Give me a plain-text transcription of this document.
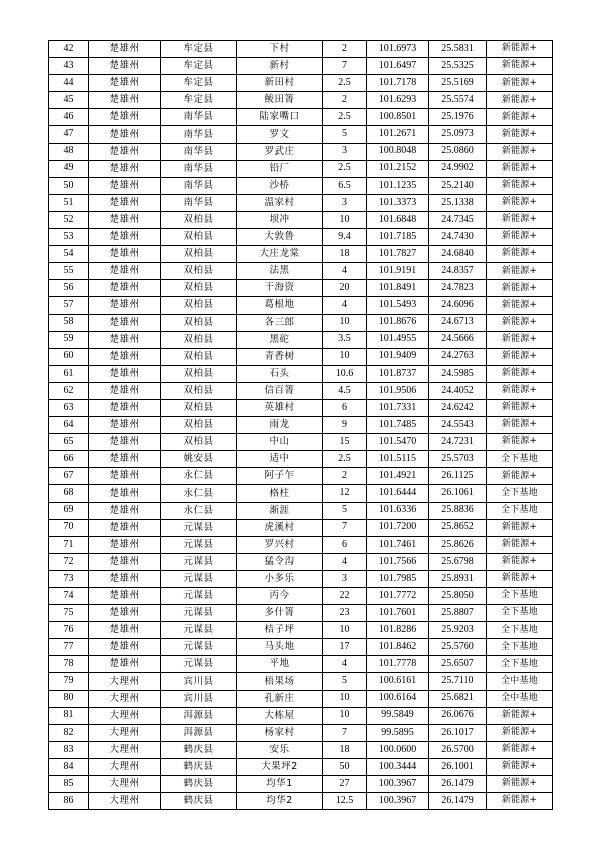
42	楚雄州	牟定县	下村	2	101.6973	25.5831	新能源+
43	楚雄州	牟定县	新村	7	101.6497	25.5325	新能源+
44	楚雄州	牟定县	新田村	2.5	101.7178	25.5169	新能源+
45	楚雄州	牟定县	鲅田箐	2	101.6293	25.5574	新能源+
46	楚雄州	南华县	陆家嘴口	2.5	100.8501	25.1976	新能源+
47	楚雄州	南华县	罗文	5	101.2671	25.0973	新能源+
48	楚雄州	南华县	罗武庄	3	100.8048	25.0860	新能源+
49	楚雄州	南华县	铅厂	2.5	101.2152	24.9902	新能源+
50	楚雄州	南华县	沙桥	6.5	101.1235	25.2140	新能源+
51	楚雄州	南华县	温家村	3	101.3373	25.1338	新能源+
52	楚雄州	双柏县	坝冲	10	101.6848	24.7345	新能源+
53	楚雄州	双柏县	大敦鲁	9.4	101.7185	24.7430	新能源+
54	楚雄州	双柏县	大庄龙棠	18	101.7827	24.6840	新能源+
55	楚雄州	双柏县	法黑	4	101.9191	24.8357	新能源+
56	楚雄州	双柏县	干海资	20	101.8491	24.7823	新能源+
57	楚雄州	双柏县	葛根地	4	101.5493	24.6096	新能源+
58	楚雄州	双柏县	各三郎	10	101.8676	24.6713	新能源+
59	楚雄州	双柏县	黑砣	3.5	101.4955	24.5666	新能源+
60	楚雄州	双柏县	青香树	10	101.9409	24.2763	新能源+
61	楚雄州	双柏县	石头	10.6	101.8737	24.5985	新能源+
62	楚雄州	双柏县	信百箐	4.5	101.9506	24.4052	新能源+
63	楚雄州	双柏县	英雄村	6	101.7331	24.6242	新能源+
64	楚雄州	双柏县	雨龙	9	101.7485	24.5543	新能源+
65	楚雄州	双柏县	中山	15	101.5470	24.7231	新能源+
66	楚雄州	姚安县	适中	2.5	101.5115	25.5703	全下基地
67	楚雄州	永仁县	阿子乍	2	101.4921	26.1125	新能源+
68	楚雄州	永仁县	格柱	12	101.6444	26.1061	全下基地
69	楚雄州	永仁县	渐涯	5	101.6336	25.8836	全下基地
70	楚雄州	元谋县	虎溪村	7	101.7200	25.8652	新能源+
71	楚雄州	元谋县	罗兴村	6	101.7461	25.8626	新能源+
72	楚雄州	元谋县	猛令沟	4	101.7566	25.6798	新能源+
73	楚雄州	元谋县	小多乐	3	101.7985	25.8931	新能源+
74	楚雄州	元谋县	丙今	22	101.7772	25.8050	全下基地
75	楚雄州	元谋县	多什箐	23	101.7601	25.8807	全下基地
76	楚雄州	元谋县	桔子坪	10	101.8286	25.9203	全下基地
77	楚雄州	元谋县	马头地	17	101.8462	25.5760	全下基地
78	楚雄州	元谋县	平地	4	101.7778	25.6507	全下基地
79	大理州	宾川县	梧果场	5	100.6161	25.7110	全中基地
80	大理州	宾川县	孔新庄	10	100.6164	25.6821	全中基地
81	大理州	洱源县	大栋屋	10	99.5849	26.0676	新能源+
82	大理州	洱源县	杨家村	7	99.5895	26.1017	新能源+
83	大理州	鹤庆县	安乐	18	100.0600	26.5700	新能源+
84	大理州	鹤庆县	大果坪2	50	100.3444	26.1001	新能源+
85	大理州	鹤庆县	均华1	27	100.3967	26.1479	新能源+
86	大理州	鹤庆县	均华2	12.5	100.3967	26.1479	新能源+
